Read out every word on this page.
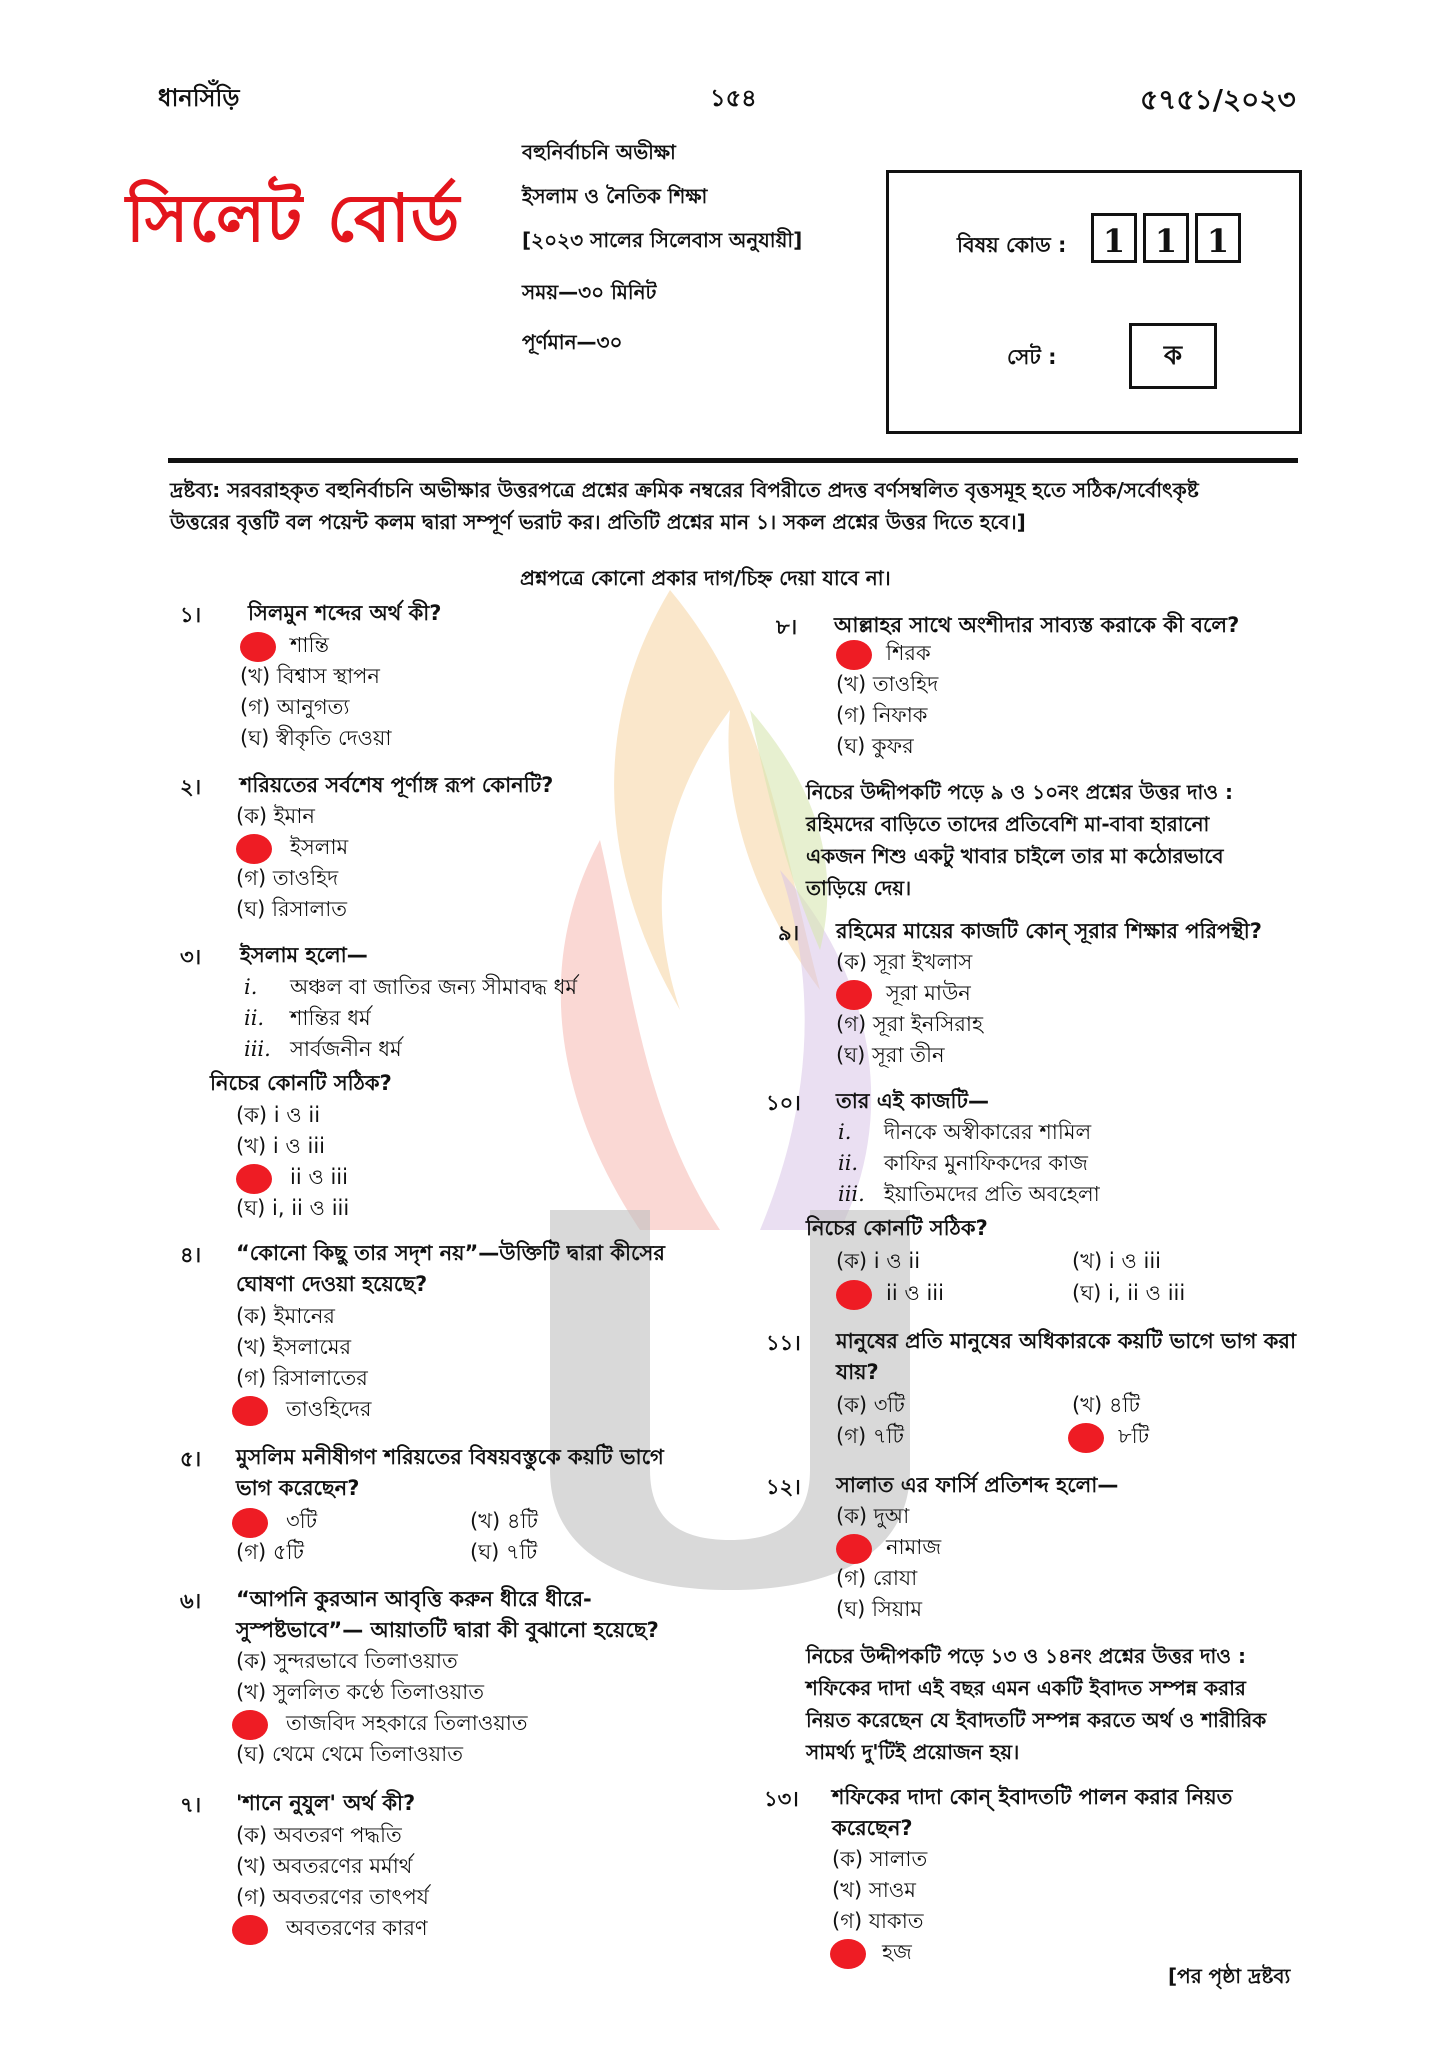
ধানসিঁড়ি	১৫৪	৫৭৫১/২০২৩
সিলেট বোর্ড
বহুনির্বাচনি অভীক্ষা
ইসলাম ও নৈতিক শিক্ষা
[২০২৩ সালের সিলেবাস অনুযায়ী]
সময়—৩০ মিনিট
পূর্ণমান—৩০
বিষয় কোড :	1 1 1
সেট :	ক
দ্রষ্টব্য: সরবরাহকৃত বহুনির্বাচনি অভীক্ষার উত্তরপত্রে প্রশ্নের ক্রমিক নম্বরের বিপরীতে প্রদত্ত বর্ণসম্বলিত বৃত্তসমূহ হতে সঠিক/সর্বোৎকৃষ্ট
উত্তরের বৃত্তটি বল পয়েন্ট কলম দ্বারা সম্পূর্ণ ভরাট কর। প্রতিটি প্রশ্নের মান ১। সকল প্রশ্নের উত্তর দিতে হবে।]
প্রশ্নপত্রে কোনো প্রকার দাগ/চিহ্ন দেয়া যাবে না।
১। সিলমুন শব্দের অর্থ কী?
শান্তি
(খ) বিশ্বাস স্থাপন
(গ) আনুগত্য
(ঘ) স্বীকৃতি দেওয়া
২। শরিয়তের সর্বশেষ পূর্ণাঙ্গ রূপ কোনটি?
(ক) ইমান
ইসলাম
(গ) তাওহিদ
(ঘ) রিসালাত
৩। ইসলাম হলো—
i. অঞ্চল বা জাতির জন্য সীমাবদ্ধ ধর্ম
ii. শান্তির ধর্ম
iii. সার্বজনীন ধর্ম
নিচের কোনটি সঠিক?
(ক) i ও ii
(খ) i ও iii
ii ও iii
(ঘ) i, ii ও iii
৪। “কোনো কিছু তার সদৃশ নয়”—উক্তিটি দ্বারা কীসের
ঘোষণা দেওয়া হয়েছে?
(ক) ইমানের
(খ) ইসলামের
(গ) রিসালাতের
তাওহিদের
৫। মুসলিম মনীষীগণ শরিয়তের বিষয়বস্তুকে কয়টি ভাগে
ভাগ করেছেন?
৩টি	(খ) ৪টি
(গ) ৫টি	(ঘ) ৭টি
৬। “আপনি কুরআন আবৃত্তি করুন ধীরে ধীরে-
সুস্পষ্টভাবে”— আয়াতটি দ্বারা কী বুঝানো হয়েছে?
(ক) সুন্দরভাবে তিলাওয়াত
(খ) সুললিত কণ্ঠে তিলাওয়াত
তাজবিদ সহকারে তিলাওয়াত
(ঘ) থেমে থেমে তিলাওয়াত
৭। 'শানে নুযুল' অর্থ কী?
(ক) অবতরণ পদ্ধতি
(খ) অবতরণের মর্মার্থ
(গ) অবতরণের তাৎপর্য
অবতরণের কারণ
৮। আল্লাহর সাথে অংশীদার সাব্যস্ত করাকে কী বলে?
শিরক
(খ) তাওহিদ
(গ) নিফাক
(ঘ) কুফর
নিচের উদ্দীপকটি পড়ে ৯ ও ১০নং প্রশ্নের উত্তর দাও :
রহিমদের বাড়িতে তাদের প্রতিবেশি মা-বাবা হারানো
একজন শিশু একটু খাবার চাইলে তার মা কঠোরভাবে
তাড়িয়ে দেয়।
৯। রহিমের মায়ের কাজটি কোন্ সূরার শিক্ষার পরিপন্থী?
(ক) সূরা ইখলাস
সূরা মাউন
(গ) সূরা ইনসিরাহ
(ঘ) সূরা তীন
১০। তার এই কাজটি—
i. দীনকে অস্বীকারের শামিল
ii. কাফির মুনাফিকদের কাজ
iii. ইয়াতিমদের প্রতি অবহেলা
নিচের কোনটি সঠিক?
(ক) i ও ii	(খ) i ও iii
ii ও iii	(ঘ) i, ii ও iii
১১। মানুষের প্রতি মানুষের অধিকারকে কয়টি ভাগে ভাগ করা
যায়?
(ক) ৩টি	(খ) ৪টি
(গ) ৭টি	৮টি
১২। সালাত এর ফার্সি প্রতিশব্দ হলো—
(ক) দুআ
নামাজ
(গ) রোযা
(ঘ) সিয়াম
নিচের উদ্দীপকটি পড়ে ১৩ ও ১৪নং প্রশ্নের উত্তর দাও :
শফিকের দাদা এই বছর এমন একটি ইবাদত সম্পন্ন করার
নিয়ত করেছেন যে ইবাদতটি সম্পন্ন করতে অর্থ ও শারীরিক
সামর্থ্য দু'টিই প্রয়োজন হয়।
১৩। শফিকের দাদা কোন্ ইবাদতটি পালন করার নিয়ত
করেছেন?
(ক) সালাত
(খ) সাওম
(গ) যাকাত
হজ
[পর পৃষ্ঠা দ্রষ্টব্য
